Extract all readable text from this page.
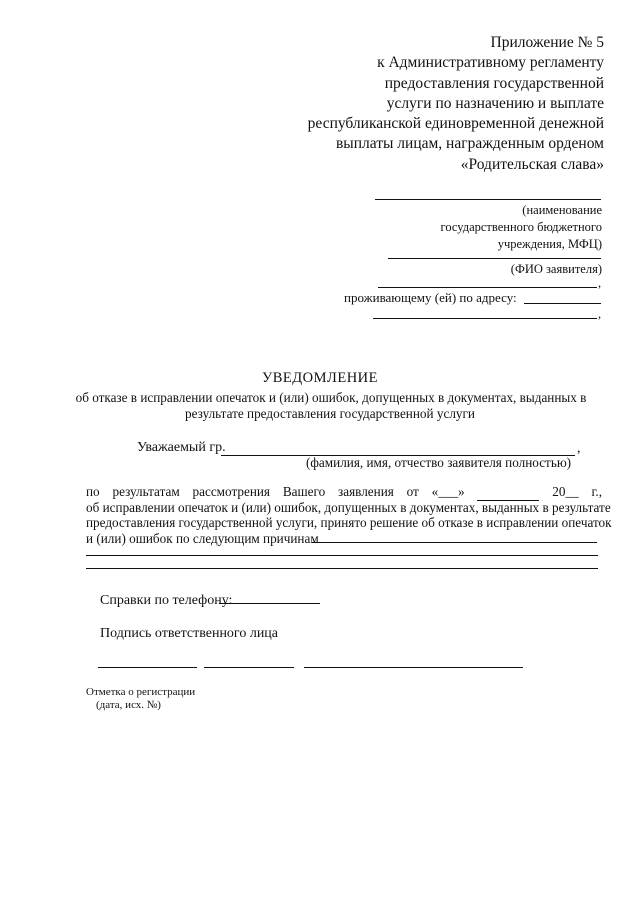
Приложение № 5
к Административному регламенту
предоставления государственной
услуги по назначению и выплате
республиканской единовременной денежной
выплаты лицам, награжденным орденом
«Родительская слава»
(наименование
государственного бюджетного
учреждения, МФЦ)
(ФИО заявителя)
,
проживающему (ей) по адресу:
,
УВЕДОМЛЕНИЕ
об отказе в исправлении опечаток и (или) ошибок, допущенных в документах, выданных в
результате предоставления государственной услуги
Уважаемый гр.	,
(фамилия, имя, отчество заявителя полностью)
по результатам рассмотрения Вашего заявления от «___»	20__ г.,
об исправлении опечаток и (или) ошибок, допущенных в документах, выданных в результате
предоставления государственной услуги, принято решение об отказе в исправлении опечаток
и (или) ошибок по следующим причинам
Справки по телефону:
Подпись ответственного лица
Отметка о регистрации
(дата, исх. №)
